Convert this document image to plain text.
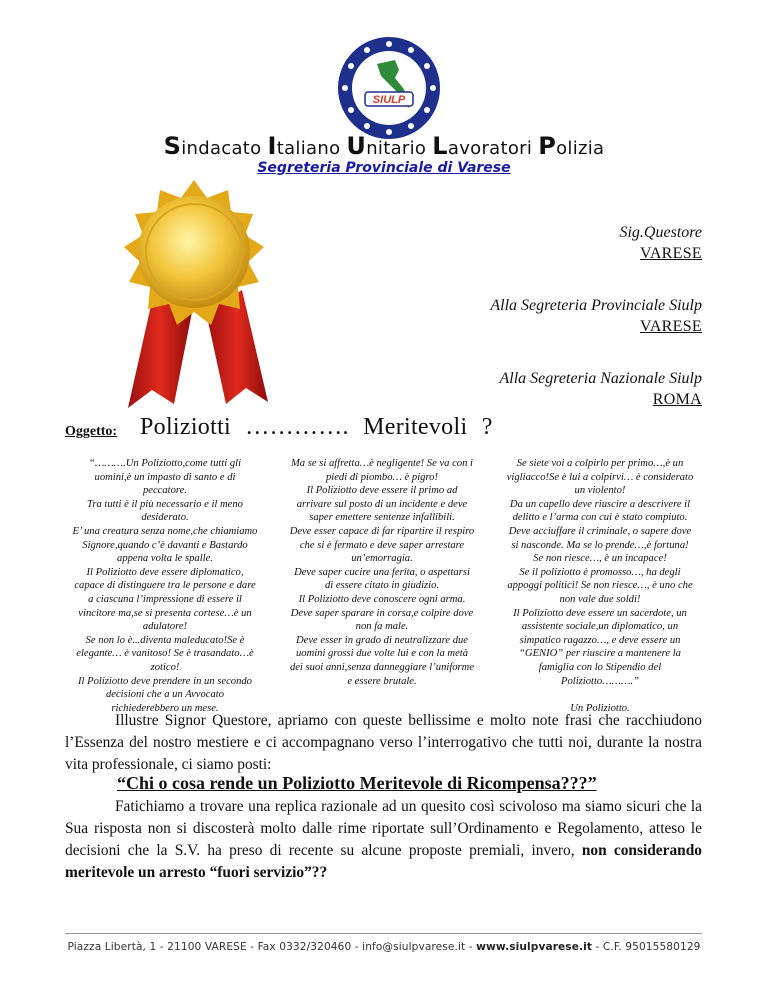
SIULP
Sindacato Italiano Unitario Lavoratori Polizia
Segreteria Provinciale di Varese
Sig.Questore
VARESE
Alla Segreteria Provinciale Siulp
VARESE
Alla Segreteria Nazionale Siulp
ROMA
Oggetto: Poliziotti …………. Meritevoli ?

“……….Un Poliziotto,come tutti gli

uomini,è un impasto di santo e di

peccatore.

Tra tutti è il più necessario e il meno

desiderato.

E’ una creatura senza nome,che chiamiamo

Signore,quando c’è davanti e Bastardo

appena volta le spalle.

Il Poliziotto deve essere diplomatico,

capace di distinguere tra le persone e dare

a ciascuna l’impressione di essere il

vincitore ma,se si presenta cortese…è un

adulatore!

Se non lo è...diventa maleducato!Se è

elegante… è vanitoso! Se è trasandato…è

zotico!

Il Poliziotto deve prendere in un secondo

decisioni che a un Avvocato

richiederebbero un mese.

Ma se si affretta…è negligente! Se va con i

piedi di piombo… è pigro!

Il Poliziotto deve essere il primo ad

arrivare sul posto di un incidente e deve

saper emettere sentenze infallibili.

Deve esser capace di far ripartire il respiro

che si è fermato e deve saper arrestare

un’emorragia.

Deve saper cucire una ferita, o aspettarsi

di essere citato in giudizio.

Il Poliziotto deve conoscere ogni arma.

Deve saper sparare in corsa,e colpire dove

non fa male.

Deve esser in grado di neutralizzare due

uomini grossi due volte lui e con la metà

dei suoi anni,senza danneggiare l’uniforme

e essere brutale.

Se siete voi a colpirlo per primo…,è un

vigliacco!Se è lui a colpirvi… è considerato

un violento!

Da un capello deve riuscire a descrivere il

delitto e l’arma con cui è stato compiuto.

Deve acciuffare il criminale, o sapere dove

si nasconde. Ma se lo prende…,è fortuna!

Se non riesce…, è un incapace!

Se il poliziotto è promosso…, ha degli

appoggi politici! Se non riesce…, è uno che

non vale due soldi!

Il Poliziotto deve essere un sacerdote, un

assistente sociale,un diplomatico, un

simpatico ragazzo…, e deve essere un

“GENIO” per riuscire a mantenere la

famiglia con lo Stipendio del

Poliziotto……….”

Un Poliziotto.

Illustre Signor Questore, apriamo con queste bellissime e molto note frasi che racchiudono l’Essenza del nostro mestiere e ci accompagnano verso l’interrogativo che tutti noi, durante la nostra vita professionale, ci siamo posti:
“Chi o cosa rende un Poliziotto Meritevole di Ricompensa???”
Fatichiamo a trovare una replica razionale ad un quesito così scivoloso ma siamo sicuri che la Sua risposta non si discosterà molto dalle rime riportate sull’Ordinamento e Regolamento, atteso le decisioni che la S.V. ha preso di recente su alcune proposte premiali, invero, non considerando meritevole un arresto “fuori servizio”??
Piazza Libertà, 1 - 21100 VARESE - Fax 0332/320460 - info@siulpvarese.it - www.siulpvarese.it - C.F. 95015580129
